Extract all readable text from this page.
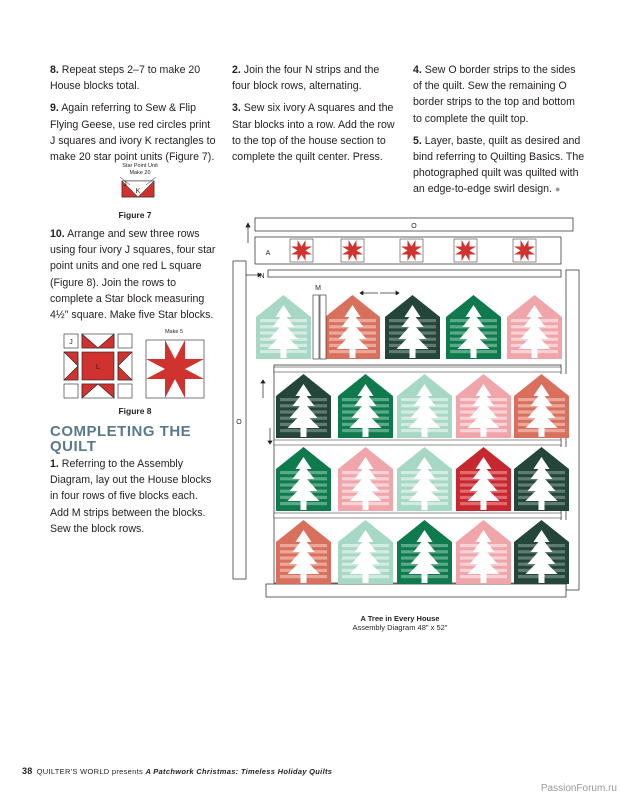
8. Repeat steps 2–7 to make 20 House blocks total.

9. Again referring to Sew & Flip Flying Geese, use red circles print J squares and ivory K rectangles to make 20 star point units (Figure 7).

Star Point Unit
Make 20
K
J
Figure 7

10. Arrange and sew three rows using four ivory J squares, four star point units and one red L square (Figure 8). Join the rows to complete a Star block measuring 4½" square. Make five Star blocks.

J
L
Make 5
Figure 8
COMPLETING THE
QUILT

1. Referring to the Assembly Diagram, lay out the House blocks in four rows of five blocks each. Add M strips between the blocks. Sew the block rows.

2. Join the four N strips and the four block rows, alternating.

3. Sew six ivory A squares and the Star blocks into a row. Add the row to the top of the house section to complete the quilt center. Press.

4. Sew O border strips to the sides of the quilt. Sew the remaining O border strips to the top and bottom to complete the quilt top.

5. Layer, baste, quilt as desired and bind referring to Quilting Basics. The photographed quilt was quilted with an edge-to-edge swirl design. ●

O
O
A
N
M
A Tree in Every House
Assembly Diagram 48" x 52"
38 QUILTER'S WORLD presents A Patchwork Christmas: Timeless Holiday Quilts
PassionForum.ru
